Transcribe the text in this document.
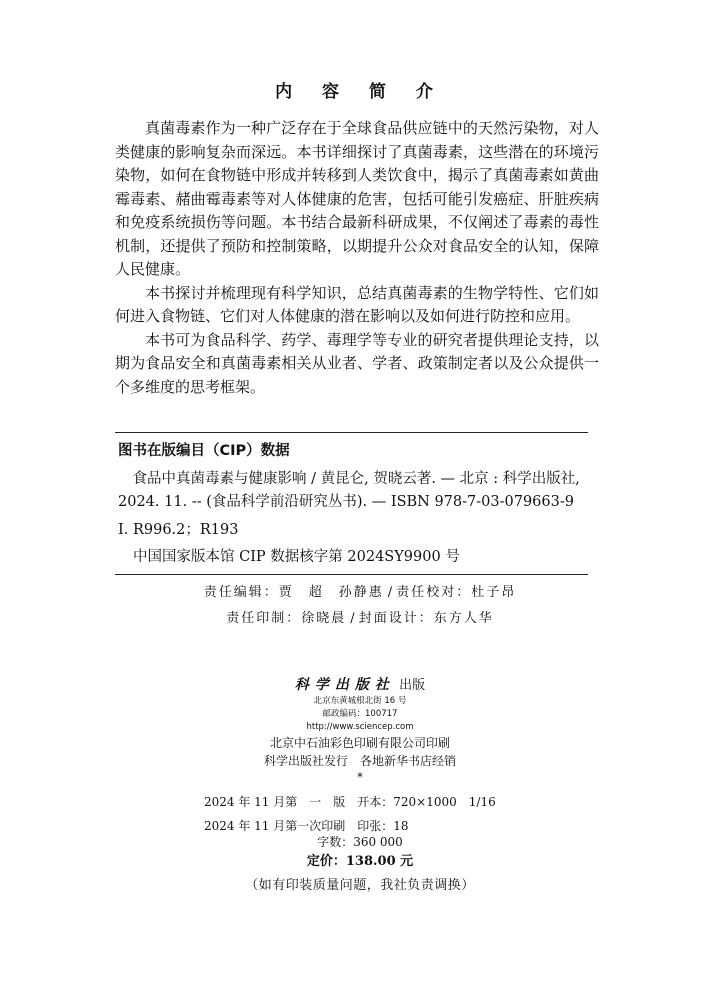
内 容 简 介

真菌毒素作为一种广泛存在于全球食品供应链中的天然污染物，对人类健康的影响复杂而深远。本书详细探讨了真菌毒素，这些潜在的环境污染物，如何在食物链中形成并转移到人类饮食中，揭示了真菌毒素如黄曲霉毒素、赭曲霉毒素等对人体健康的危害，包括可能引发癌症、肝脏疾病和免疫系统损伤等问题。本书结合最新科研成果，不仅阐述了毒素的毒性机制，还提供了预防和控制策略，以期提升公众对食品安全的认知，保障人民健康。

本书探讨并梳理现有科学知识，总结真菌毒素的生物学特性、它们如何进入食物链、它们对人体健康的潜在影响以及如何进行防控和应用。

本书可为食品科学、药学、毒理学等专业的研究者提供理论支持，以期为食品安全和真菌毒素相关从业者、学者、政策制定者以及公众提供一个多维度的思考框架。

图书在版编目（CIP）数据
食品中真菌毒素与健康影响 / 黄昆仑, 贺晓云著. — 北京 : 科学出版社, 2024. 11. -- (食品科学前沿研究丛书). — ISBN 978-7-03-079663-9
I. R996.2；R193
中国国家版本馆 CIP 数据核字第 2024SY9900 号
责任编辑：贾　超　孙静惠 / 责任校对：杜子昂
责任印制：徐晓晨 / 封面设计：东方人华
科学出版社 出版
北京东黄城根北街 16 号
邮政编码：100717
http://www.sciencep.com
北京中石油彩色印刷有限公司印刷
科学出版社发行　各地新华书店经销
*
2024 年 11 月第　一　版 开本：720×1000　1/16
2024 年 11 月第一次印刷 印张：18
字数：360 000
定价：138.00 元
（如有印装质量问题，我社负责调换）
